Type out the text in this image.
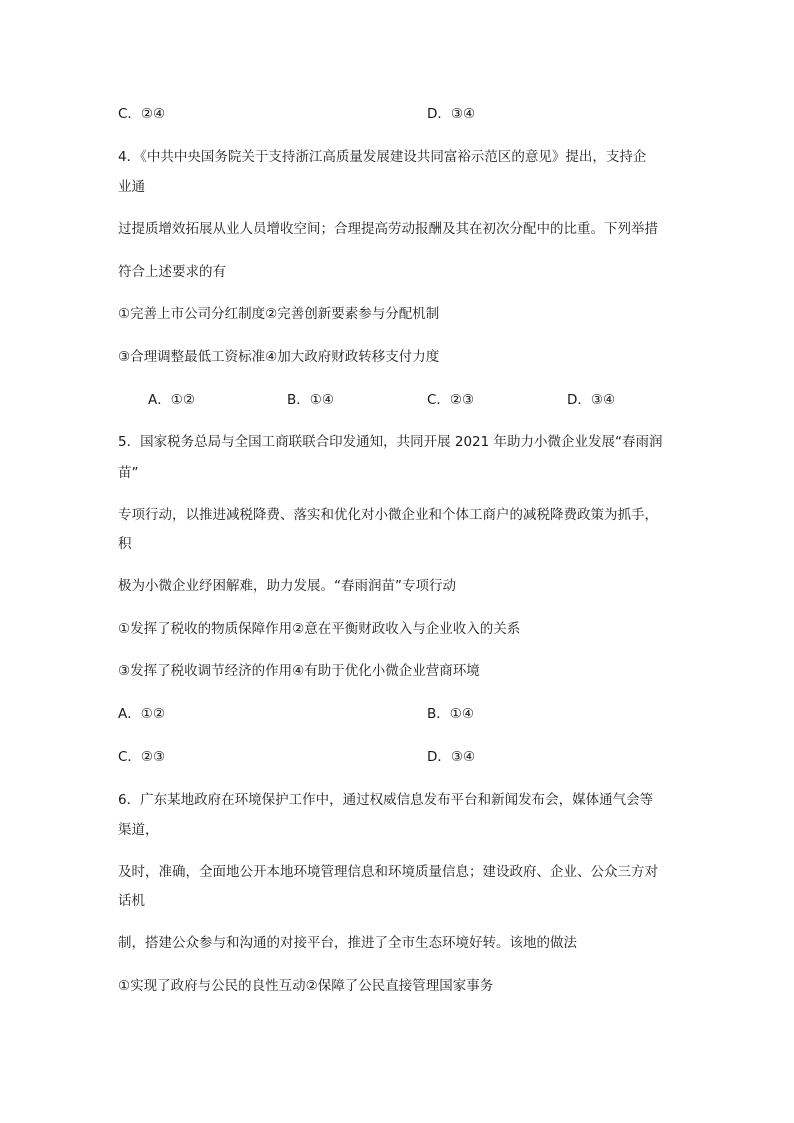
C．②④	D．③④
4．《中共中央国务院关于支持浙江高质量发展建设共同富裕示范区的意见》提出，支持企
业通
过提质增效拓展从业人员增收空间；合理提高劳动报酬及其在初次分配中的比重。下列举措
符合上述要求的有
①完善上市公司分红制度②完善创新要素参与分配机制
③合理调整最低工资标准④加大政府财政转移支付力度
A．①②	B．①④	C．②③	D．③④
5．国家税务总局与全国工商联联合印发通知，共同开展 2021 年助力小微企业发展“春雨润
苗”
专项行动，以推进减税降费、落实和优化对小微企业和个体工商户的减税降费政策为抓手，
积
极为小微企业纾困解难，助力发展。“春雨润苗”专项行动
①发挥了税收的物质保障作用②意在平衡财政收入与企业收入的关系
③发挥了税收调节经济的作用④有助于优化小微企业营商环境
A．①②	B．①④
C．②③	D．③④
6．广东某地政府在环境保护工作中，通过权威信息发布平台和新闻发布会，媒体通气会等
渠道，
及时，准确，全面地公开本地环境管理信息和环境质量信息；建设政府、企业、公众三方对
话机
制，搭建公众参与和沟通的对接平台，推进了全市生态环境好转。该地的做法
①实现了政府与公民的良性互动②保障了公民直接管理国家事务
